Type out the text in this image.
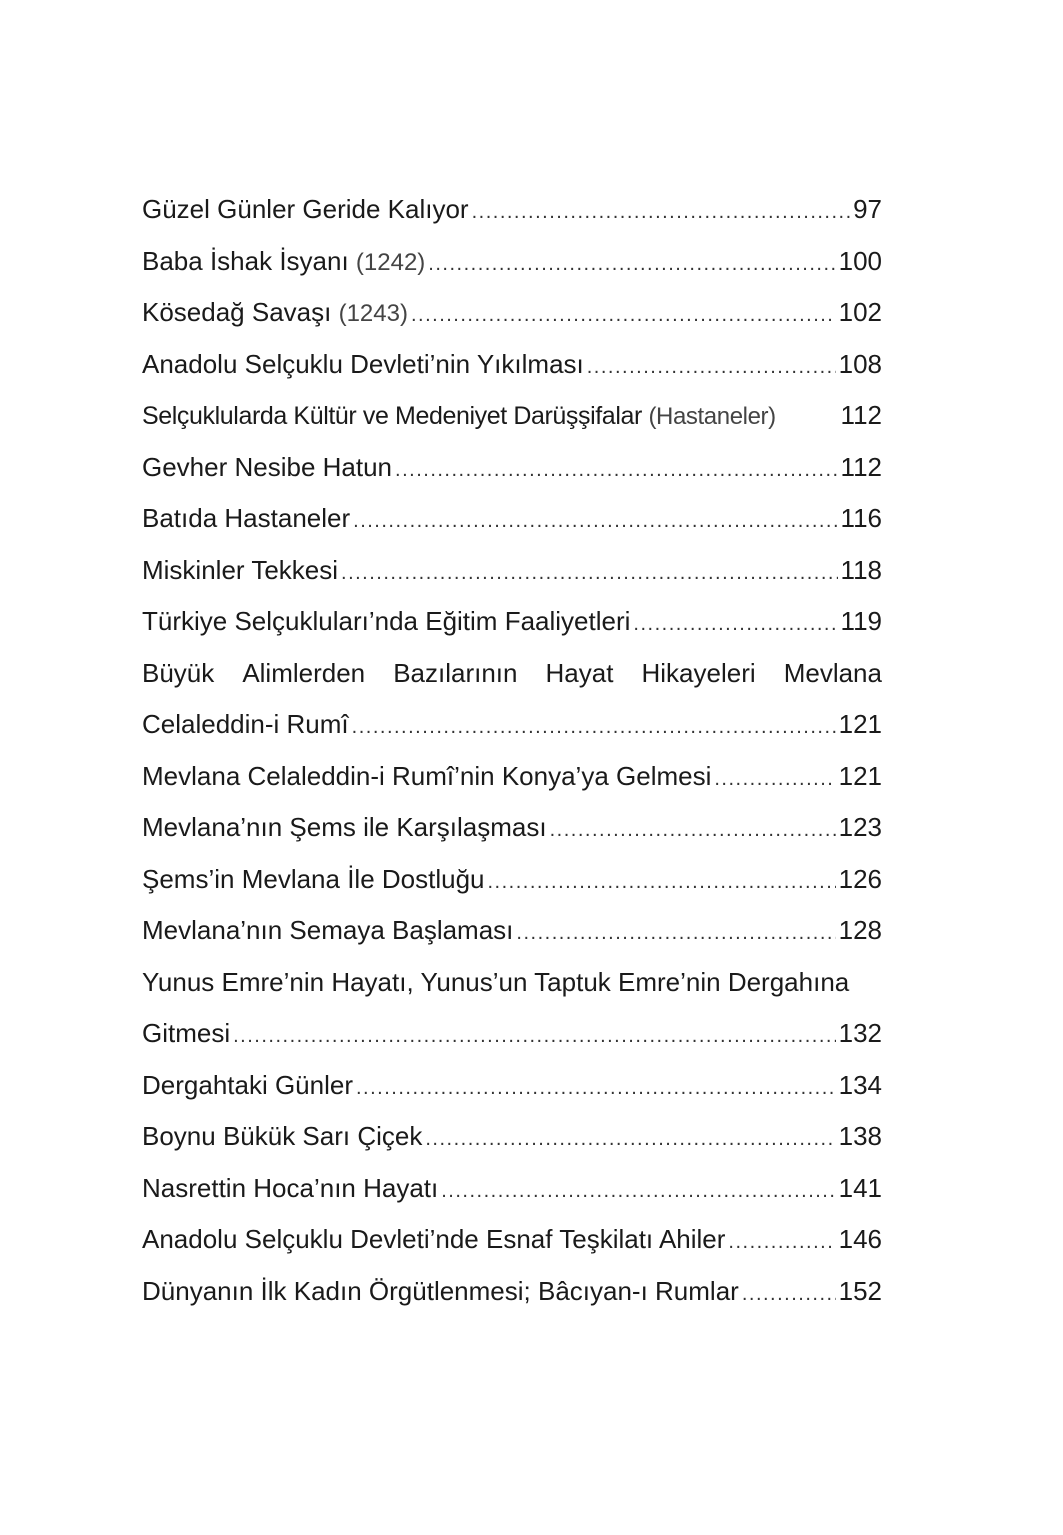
Güzel Günler Geride Kalıyor .....	97
Baba İshak İsyanı (1242) .....	100
Kösedağ Savaşı (1243) .....	102
Anadolu Selçuklu Devleti’nin Yıkılması .....	108
Selçuklularda Kültür ve Medeniyet Darüşşifalar (Hastaneler) 112
Gevher Nesibe Hatun .....	112
Batıda Hastaneler .....	116
Miskinler Tekkesi .....	118
Türkiye Selçukluları’nda Eğitim Faaliyetleri .....	119
Büyük Alimlerden Bazılarının Hayat Hikayeleri Mevlana
Celaleddin-i Rumî .....	121
Mevlana Celaleddin-i Rumî’nin Konya’ya Gelmesi .....	121
Mevlana’nın Şems ile Karşılaşması .....	123
Şems’in Mevlana İle Dostluğu .....	126
Mevlana’nın Semaya Başlaması .....	128
Yunus Emre’nin Hayatı, Yunus’un Taptuk Emre’nin Dergahına
Gitmesi .....	132
Dergahtaki Günler .....	134
Boynu Bükük Sarı Çiçek .....	138
Nasrettin Hoca’nın Hayatı .....	141
Anadolu Selçuklu Devleti’nde Esnaf Teşkilatı Ahiler .....	146
Dünyanın İlk Kadın Örgütlenmesi; Bâcıyan-ı Rumlar .....	152
